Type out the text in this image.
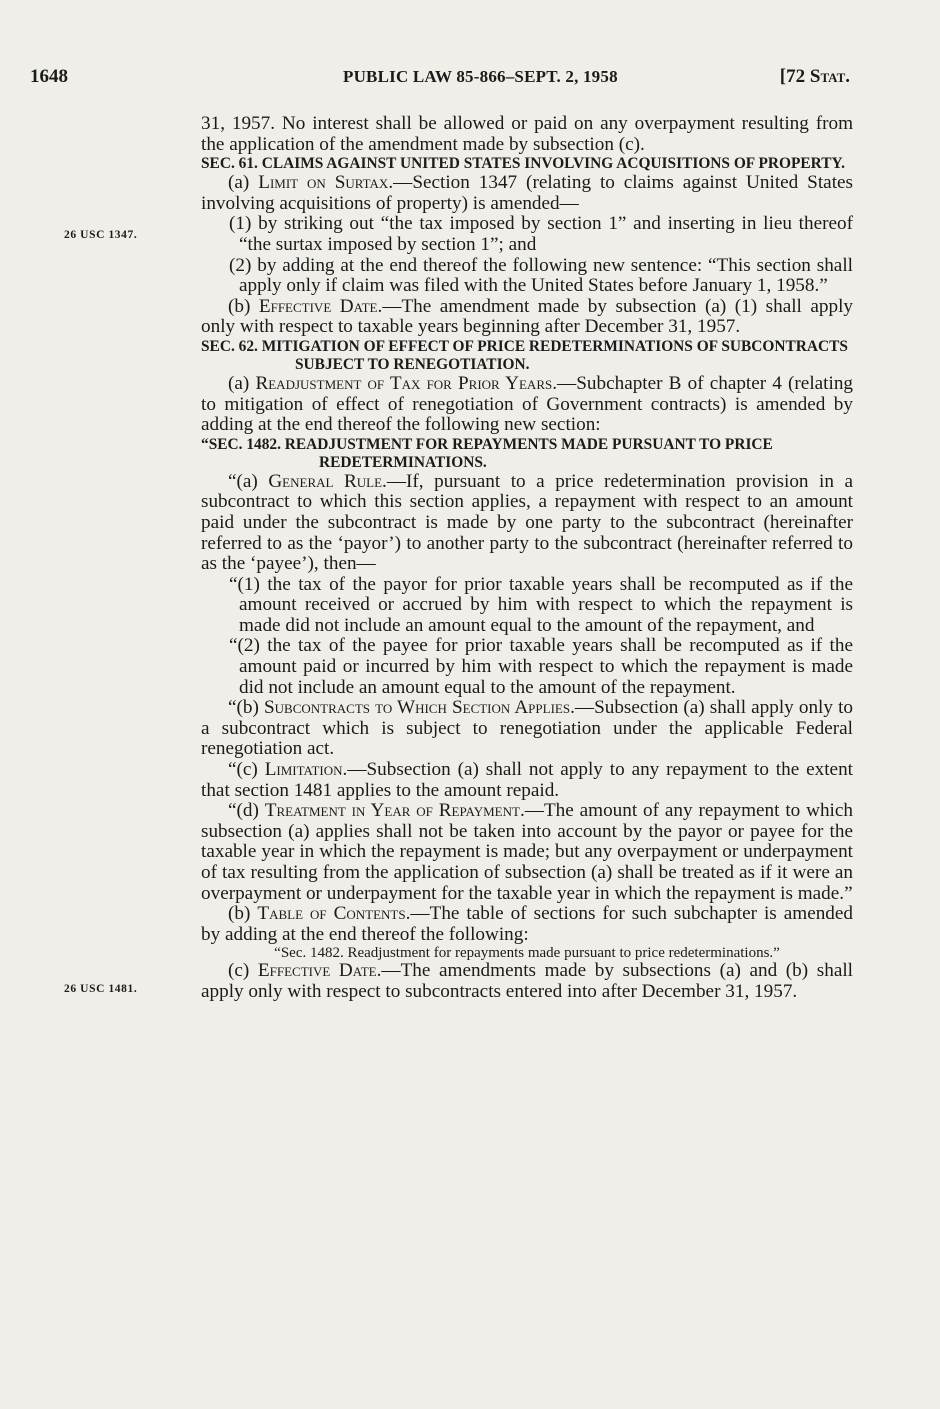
1648	PUBLIC LAW 85-866–SEPT. 2, 1958	[72 Stat.
26 USC 1347.
26 USC 1481.

31, 1957. No interest shall be allowed or paid on any overpayment resulting from the application of the amendment made by subsection (c).

SEC. 61. CLAIMS AGAINST UNITED STATES INVOLVING ACQUISITIONS OF PROPERTY.

(a) Limit on Surtax.—Section 1347 (relating to claims against United States involving acquisitions of property) is amended—

(1) by striking out “the tax imposed by section 1” and inserting in lieu thereof “the surtax imposed by section 1”; and

(2) by adding at the end thereof the following new sentence: “This section shall apply only if claim was filed with the United States before January 1, 1958.”

(b) Effective Date.—The amendment made by subsection (a) (1) shall apply only with respect to taxable years beginning after December 31, 1957.

SEC. 62. MITIGATION OF EFFECT OF PRICE REDETERMINATIONS OF SUBCONTRACTS SUBJECT TO RENEGOTIATION.

(a) Readjustment of Tax for Prior Years.—Subchapter B of chapter 4 (relating to mitigation of effect of renegotiation of Government contracts) is amended by adding at the end thereof the following new section:

“SEC. 1482. READJUSTMENT FOR REPAYMENTS MADE PURSUANT TO PRICE REDETERMINATIONS.

“(a) General Rule.—If, pursuant to a price redetermination provision in a subcontract to which this section applies, a repayment with respect to an amount paid under the subcontract is made by one party to the subcontract (hereinafter referred to as the ‘payor’) to another party to the subcontract (hereinafter referred to as the ‘payee’), then—

“(1) the tax of the payor for prior taxable years shall be recomputed as if the amount received or accrued by him with respect to which the repayment is made did not include an amount equal to the amount of the repayment, and

“(2) the tax of the payee for prior taxable years shall be recomputed as if the amount paid or incurred by him with respect to which the repayment is made did not include an amount equal to the amount of the repayment.

“(b) Subcontracts to Which Section Applies.—Subsection (a) shall apply only to a subcontract which is subject to renegotiation under the applicable Federal renegotiation act.

“(c) Limitation.—Subsection (a) shall not apply to any repayment to the extent that section 1481 applies to the amount repaid.

“(d) Treatment in Year of Repayment.—The amount of any repayment to which subsection (a) applies shall not be taken into account by the payor or payee for the taxable year in which the repayment is made; but any overpayment or underpayment of tax resulting from the application of subsection (a) shall be treated as if it were an overpayment or underpayment for the taxable year in which the repayment is made.”

(b) Table of Contents.—The table of sections for such subchapter is amended by adding at the end thereof the following:

“Sec. 1482. Readjustment for repayments made pursuant to price redeterminations.”

(c) Effective Date.—The amendments made by subsections (a) and (b) shall apply only with respect to subcontracts entered into after December 31, 1957.
